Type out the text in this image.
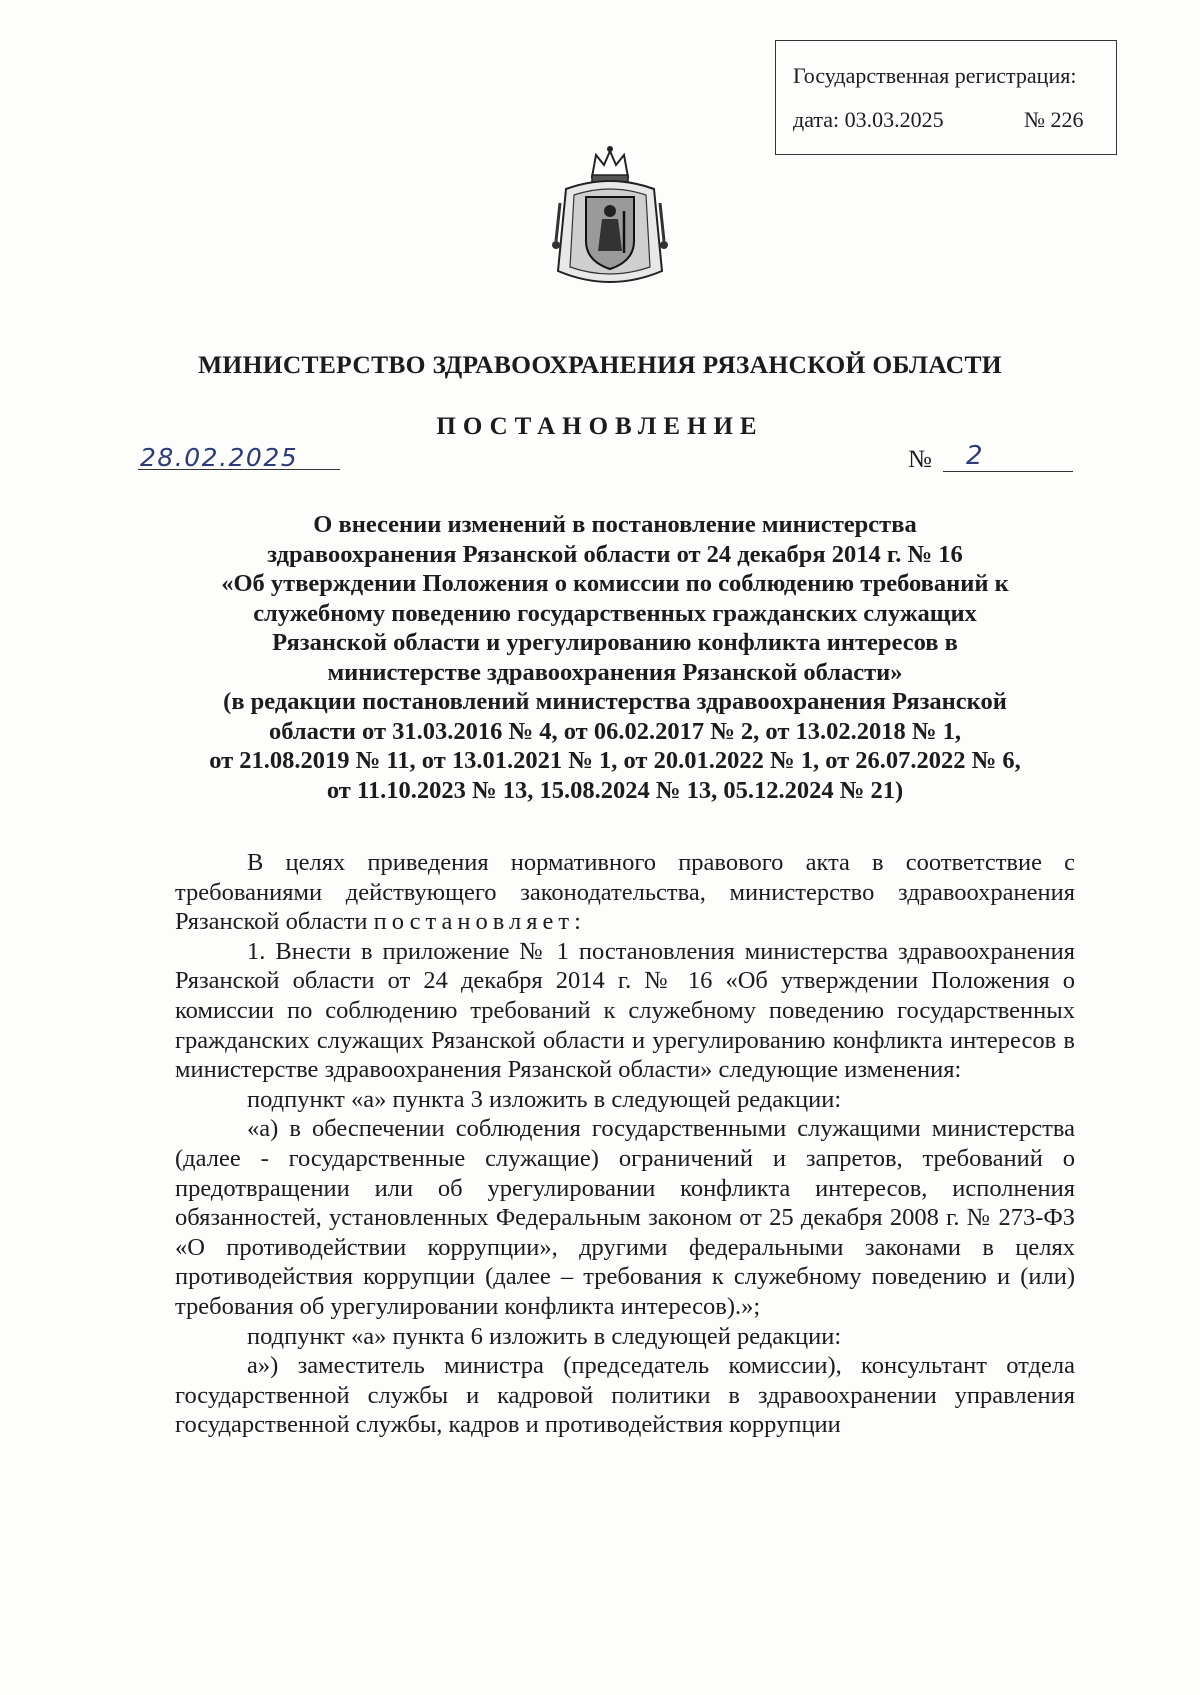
Государственная регистрация:
дата: 03.03.2025	№ 226
МИНИСТЕРСТВО ЗДРАВООХРАНЕНИЯ РЯЗАНСКОЙ ОБЛАСТИ
ПОСТАНОВЛЕНИЕ
28.02.2025	№ 2
О внесении изменений в постановление министерства
здравоохранения Рязанской области от 24 декабря 2014 г. № 16
«Об утверждении Положения о комиссии по соблюдению требований к
служебному поведению государственных гражданских служащих
Рязанской области и урегулированию конфликта интересов в
министерстве здравоохранения Рязанской области»
(в редакции постановлений министерства здравоохранения Рязанской
области от 31.03.2016 № 4, от 06.02.2017 № 2, от 13.02.2018 № 1,
от 21.08.2019 № 11, от 13.01.2021 № 1, от 20.01.2022 № 1, от 26.07.2022 № 6,
от 11.10.2023 № 13, 15.08.2024 № 13, 05.12.2024 № 21)

В целях приведения нормативного правового акта в соответствие с требованиями действующего законодательства, министерство здравоохранения Рязанской области постановляет:

1. Внести в приложение № 1 постановления министерства здравоохранения Рязанской области от 24 декабря 2014 г. № 16 «Об утверждении Положения о комиссии по соблюдению требований к служебному поведению государственных гражданских служащих Рязанской области и урегулированию конфликта интересов в министерстве здравоохранения Рязанской области» следующие изменения:

подпункт «а» пункта 3 изложить в следующей редакции:

«а) в обеспечении соблюдения государственными служащими министерства (далее - государственные служащие) ограничений и запретов, требований о предотвращении или об урегулировании конфликта интересов, исполнения обязанностей, установленных Федеральным законом от 25 декабря 2008 г. № 273-ФЗ «О противодействии коррупции», другими федеральными законами в целях противодействия коррупции (далее – требования к служебному поведению и (или) требования об урегулировании конфликта интересов).»;

подпункт «а» пункта 6 изложить в следующей редакции:

а») заместитель министра (председатель комиссии), консультант отдела государственной службы и кадровой политики в здравоохранении управления государственной службы, кадров и противодействия коррупции
